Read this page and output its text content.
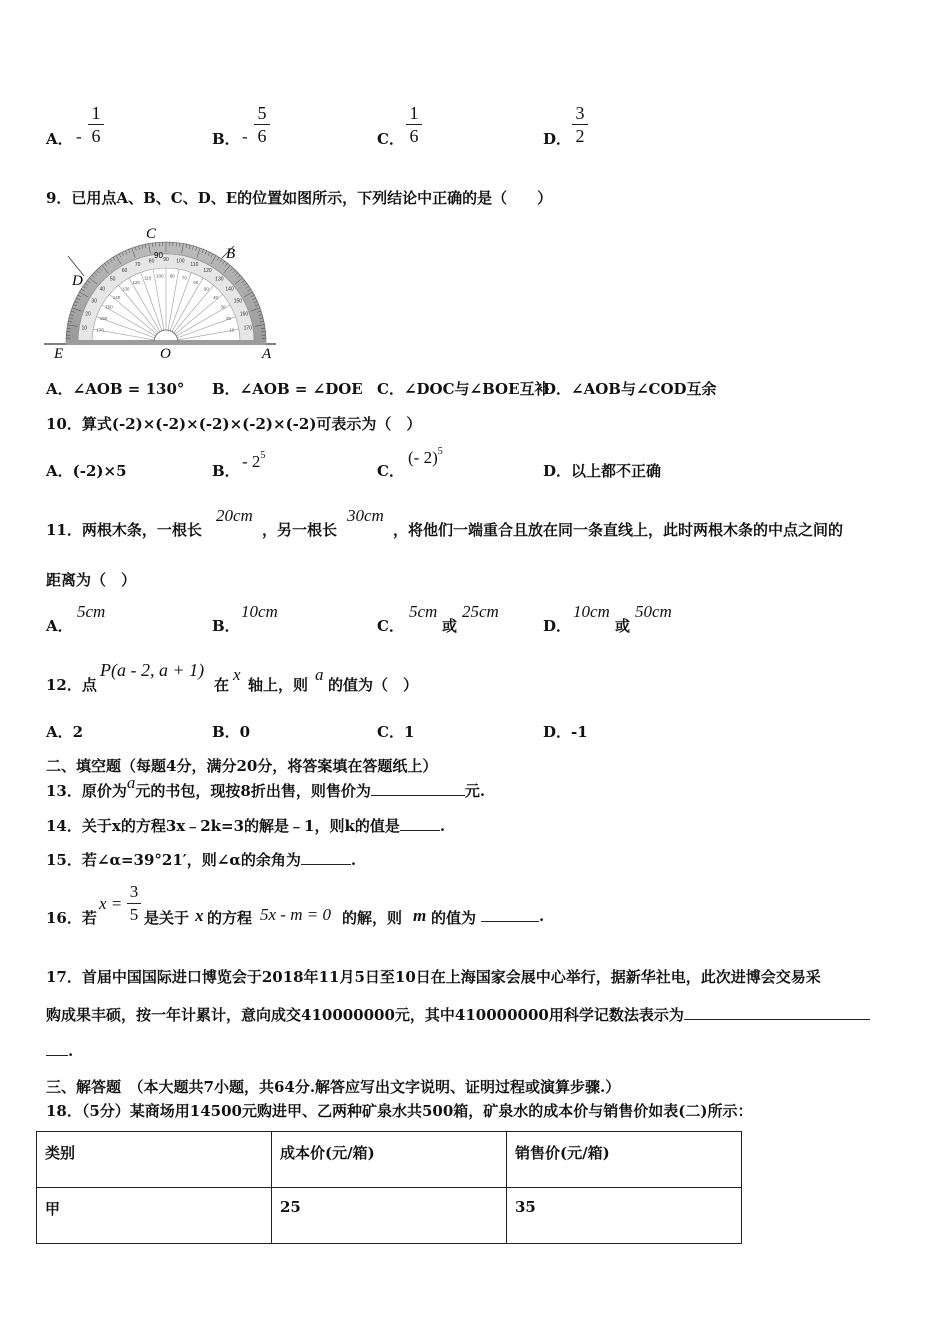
A． -
1
6	B． -
5
6	C．
1
6	D．
3
2
9．已用点A、B、C、D、E的位置如图所示，下列结论中正确的是（　　）
10
20
30
40
50
60
70
80 90 100
110
120
130
140
150
160
170
170
160
150
140
130
120
110 100 80 70
60
50
40
30
20
10
C
90	B
D
E	O	A
A．∠AOB = 130° B．∠AOB = ∠DOE C．∠DOC与∠BOE互补
D．∠AOB与∠COD互余
10．算式(-2)×(-2)×(-2)×(-2)×(-2)可表示为（　）
A．(-2)×5	B． - $2^5$
C．
(- 2)$^5$
D．以上都不正确
11．两根木条，一根长
20cm
，另一根长
30cm
，将他们一端重合且放在同一条直线上，此时两根木条的中点之间的
距离为（　）
A．
5cm
B．
10cm
C．
5cm
或
25cm
D．
10cm
或
50cm
12．点
P(a - 2, a + 1)
在
x
轴上，则
a
的值为（　）
A．2	B．0	C．1	D．-1
二、填空题（每题4分，满分20分，将答案填在答题纸上）
13．原价为a元的书包，现按8折出售，则售价为	元.
14．关于x的方程3x﹣2k=3的解是﹣1，则k的值是	.
15．若∠α=39°21′，则∠α的余角为	.
16．若
x =
3
5 是关于 x 的方程 5x - m = 0 的解，则 m 的值为	.
17．首届中国国际进口博览会于2018年11月5日至10日在上海国家会展中心举行，据新华社电，此次进博会交易采
购成果丰硕，按一年计累计，意向成交410000000元，其中410000000用科学记数法表示为
.
三、解答题　（本大题共7小题，共64分.解答应写出文字说明、证明过程或演算步骤.）
18．（5分）某商场用14500元购进甲、乙两种矿泉水共500箱，矿泉水的成本价与销售价如表(二)所示：
类别	成本价(元/箱)	销售价(元/箱)
甲	25	35
